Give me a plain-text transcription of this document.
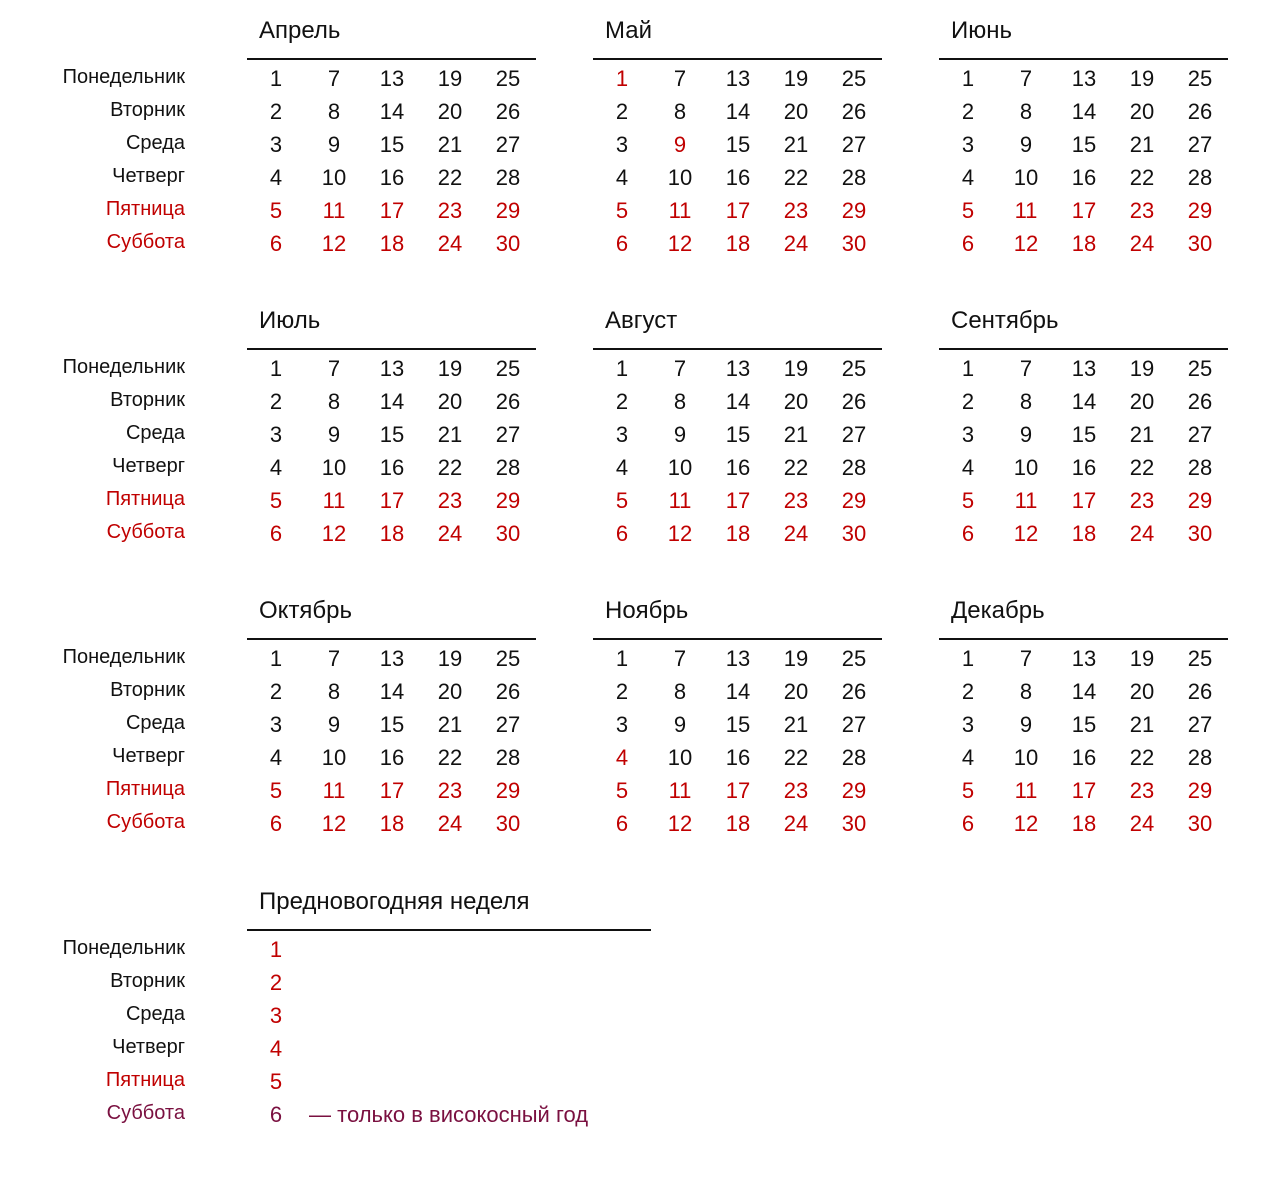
Понедельник
Вторник
Среда
Четверг
Пятница
Суббота
Апрель
1
2
3
4
5
6
7
8
9
10
11
12
13
14
15
16
17
18
19
20
21
22
23
24
25
26
27
28
29
30
Май
1
2
3
4
5
6
7
8
9
10
11
12
13
14
15
16
17
18
19
20
21
22
23
24
25
26
27
28
29
30
Июнь
1
2
3
4
5
6
7
8
9
10
11
12
13
14
15
16
17
18
19
20
21
22
23
24
25
26
27
28
29
30
Понедельник
Вторник
Среда
Четверг
Пятница
Суббота
Июль
1
2
3
4
5
6
7
8
9
10
11
12
13
14
15
16
17
18
19
20
21
22
23
24
25
26
27
28
29
30
Август
1
2
3
4
5
6
7
8
9
10
11
12
13
14
15
16
17
18
19
20
21
22
23
24
25
26
27
28
29
30
Сентябрь
1
2
3
4
5
6
7
8
9
10
11
12
13
14
15
16
17
18
19
20
21
22
23
24
25
26
27
28
29
30
Понедельник
Вторник
Среда
Четверг
Пятница
Суббота
Октябрь
1
2
3
4
5
6
7
8
9
10
11
12
13
14
15
16
17
18
19
20
21
22
23
24
25
26
27
28
29
30
Ноябрь
1
2
3
4
5
6
7
8
9
10
11
12
13
14
15
16
17
18
19
20
21
22
23
24
25
26
27
28
29
30
Декабрь
1
2
3
4
5
6
7
8
9
10
11
12
13
14
15
16
17
18
19
20
21
22
23
24
25
26
27
28
29
30
Понедельник
Вторник
Среда
Четверг
Пятница
Суббота
Предновогодняя неделя
1
2
3
4
5
6	— только в високосный год
